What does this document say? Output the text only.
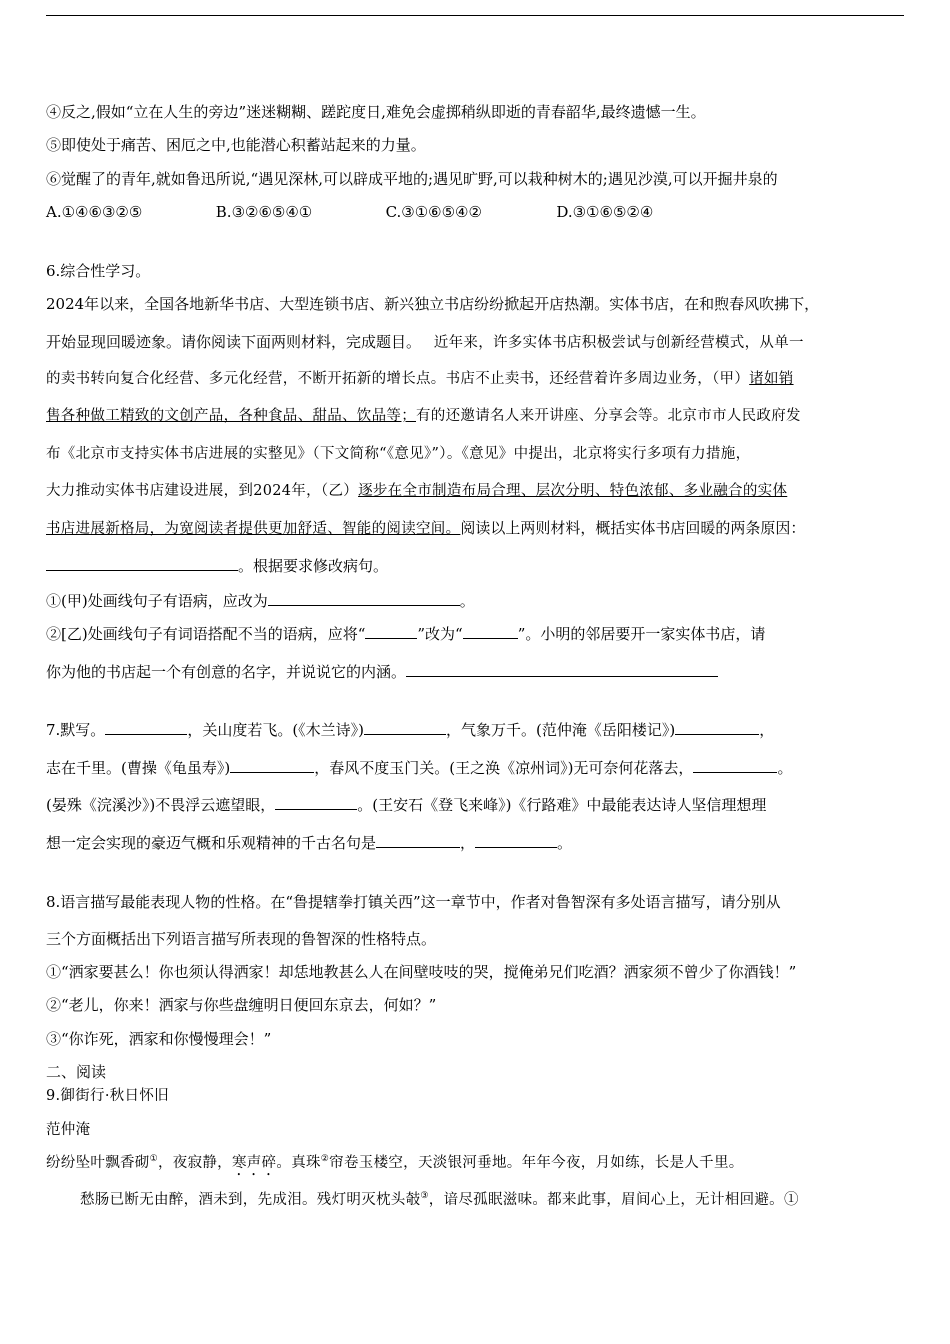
④反之,假如“立在人生的旁边”迷迷糊糊、蹉跎度日,难免会虚掷稍纵即逝的青春韶华,最终遗憾一生。
⑤即使处于痛苦、困厄之中,也能潜心积蓄站起来的力量。
⑥觉醒了的青年,就如鲁迅所说,“遇见深林,可以辟成平地的;遇见旷野,可以栽种树木的;遇见沙漠,可以开掘井泉的
A.①④⑥③②⑤	B.③②⑥⑤④①	C.③①⑥⑤④②	D.③①⑥⑤②④
6.综合性学习。
2024年以来，全国各地新华书店、大型连锁书店、新兴独立书店纷纷掀起开店热潮。实体书店，在和煦春风吹拂下，
开始显现回暖迹象。请你阅读下面两则材料，完成题目。 近年来，许多实体书店积极尝试与创新经营模式，从单一
的卖书转向复合化经营、多元化经营，不断开拓新的增长点。书店不止卖书，还经营着许多周边业务，（甲）诸如销
售各种做工精致的文创产品，各种食品、甜品、饮品等；有的还邀请名人来开讲座、分享会等。北京市市人民政府发
布《北京市支持实体书店进展的实整见》（下文简称“《意见》”）。《意见》中提出，北京将实行多项有力措施，
大力推动实体书店建设进展，到2024年，（乙）逐步在全市制造布局合理、层次分明、特色浓郁、多业融合的实体
书店进展新格局，为宽阅读者提供更加舒适、智能的阅读空间。阅读以上两则材料，概括实体书店回暖的两条原因：
。根据要求修改病句。
①(甲)处画线句子有语病，应改为	。
②[乙)处画线句子有词语搭配不当的语病，应将“	”改为“	”。小明的邻居要开一家实体书店，请
你为他的书店起一个有创意的名字，并说说它的内涵。
7.默写。	，关山度若飞。(《木兰诗》)	，气象万千。(范仲淹《岳阳楼记》)	，
志在千里。(曹操《龟虽寿》)	，春风不度玉门关。(王之涣《凉州词》)无可奈何花落去，	。
(晏殊《浣溪沙》)不畏浮云遮望眼，	。(王安石《登飞来峰》)《行路难》中最能表达诗人坚信理想理
想一定会实现的豪迈气概和乐观精神的千古名句是	，	。
8.语言描写最能表现人物的性格。在“鲁提辖拳打镇关西”这一章节中，作者对鲁智深有多处语言描写，请分别从
三个方面概括出下列语言描写所表现的鲁智深的性格特点。
①“洒家要甚么！你也须认得洒家！却恁地教甚么人在间壁吱吱的哭，搅俺弟兄们吃酒？洒家须不曾少了你酒钱！”
②“老儿，你来！洒家与你些盘缠明日便回东京去，何如？”
③“你诈死，洒家和你慢慢理会！”
二、阅读
9.御街行·秋日怀旧
范仲淹
纷纷坠叶飘香砌①，夜寂静，寒声碎。真珠②帘卷玉楼空，天淡银河垂地。年年今夜，月如练，长是人千里。
愁肠已断无由醉，酒未到，先成泪。残灯明灭枕头攲③，谙尽孤眠滋味。都来此事，眉间心上，无计相回避。①
